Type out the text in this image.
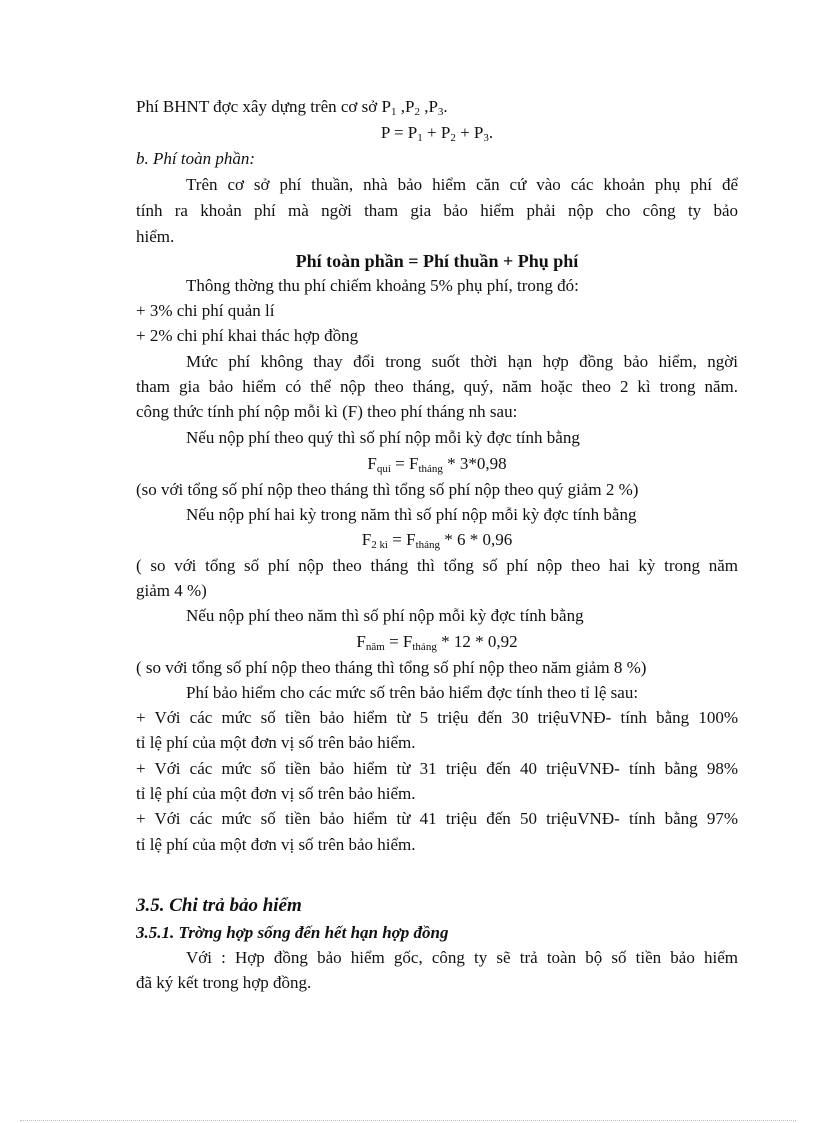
Phí BHNT đợc xây dựng trên cơ sở $P_1$ $,P_2$ $,P_3$.
$P = P_1 + P_2 + P_3$.
b. Phí toàn phần:
Trên cơ sở phí thuần, nhà bảo hiểm căn cứ vào các khoản phụ phí để
tính ra khoản phí mà ngời tham gia bảo hiểm phải nộp cho công ty bảo
hiểm.
Phí toàn phần = Phí thuần + Phụ phí
Thông thờng thu phí chiếm khoảng 5% phụ phí, trong đó:
+ 3% chi phí quản lí
+ 2% chi phí khai thác hợp đồng
Mức phí không thay đổi trong suốt thời hạn hợp đồng bảo hiểm, ngời
tham gia bảo hiểm có thể nộp theo tháng, quý, năm hoặc theo 2 kì trong năm.
công thức tính phí nộp mỗi kì (F) theo phí tháng nh sau:
Nếu nộp phí theo quý thì số phí nộp mỗi kỳ đợc tính bằng
$F_{quí} = F_{tháng} * 3*0,98$
(so với tổng số phí nộp theo tháng thì tổng số phí nộp theo quý giảm 2 %)
Nếu nộp phí hai kỳ trong năm thì số phí nộp mỗi kỳ đợc tính bằng
$F_{2 kì} = F_{tháng} * 6 * 0,96$
( so với tổng số phí nộp theo tháng thì tổng số phí nộp theo hai kỳ trong năm
giảm 4 %)
Nếu nộp phí theo năm thì số phí nộp mỗi kỳ đợc tính bằng
$F_{năm} = F_{tháng} * 12 * 0,92$
( so với tổng số phí nộp theo tháng thì tổng số phí nộp theo năm giảm 8 %)
Phí bảo hiểm cho các mức số trên bảo hiểm đợc tính theo tỉ lệ sau:
+ Với các mức số tiền bảo hiểm từ 5 triệu đến 30 triệuVNĐ- tính bằng 100%
tỉ lệ phí của một đơn vị số trên bảo hiểm.
+ Với các mức số tiền bảo hiểm từ 31 triệu đến 40 triệuVNĐ- tính bằng 98%
tỉ lệ phí của một đơn vị số trên bảo hiểm.
+ Với các mức số tiền bảo hiểm từ 41 triệu đến 50 triệuVNĐ- tính bằng 97%
tỉ lệ phí của một đơn vị số trên bảo hiểm.
3.5. Chi trả bảo hiểm
3.5.1. Trờng hợp sống đến hết hạn hợp đồng
Với : Hợp đồng bảo hiểm gốc, công ty sẽ trả toàn bộ số tiền bảo hiểm
đã ký kết trong hợp đồng.
